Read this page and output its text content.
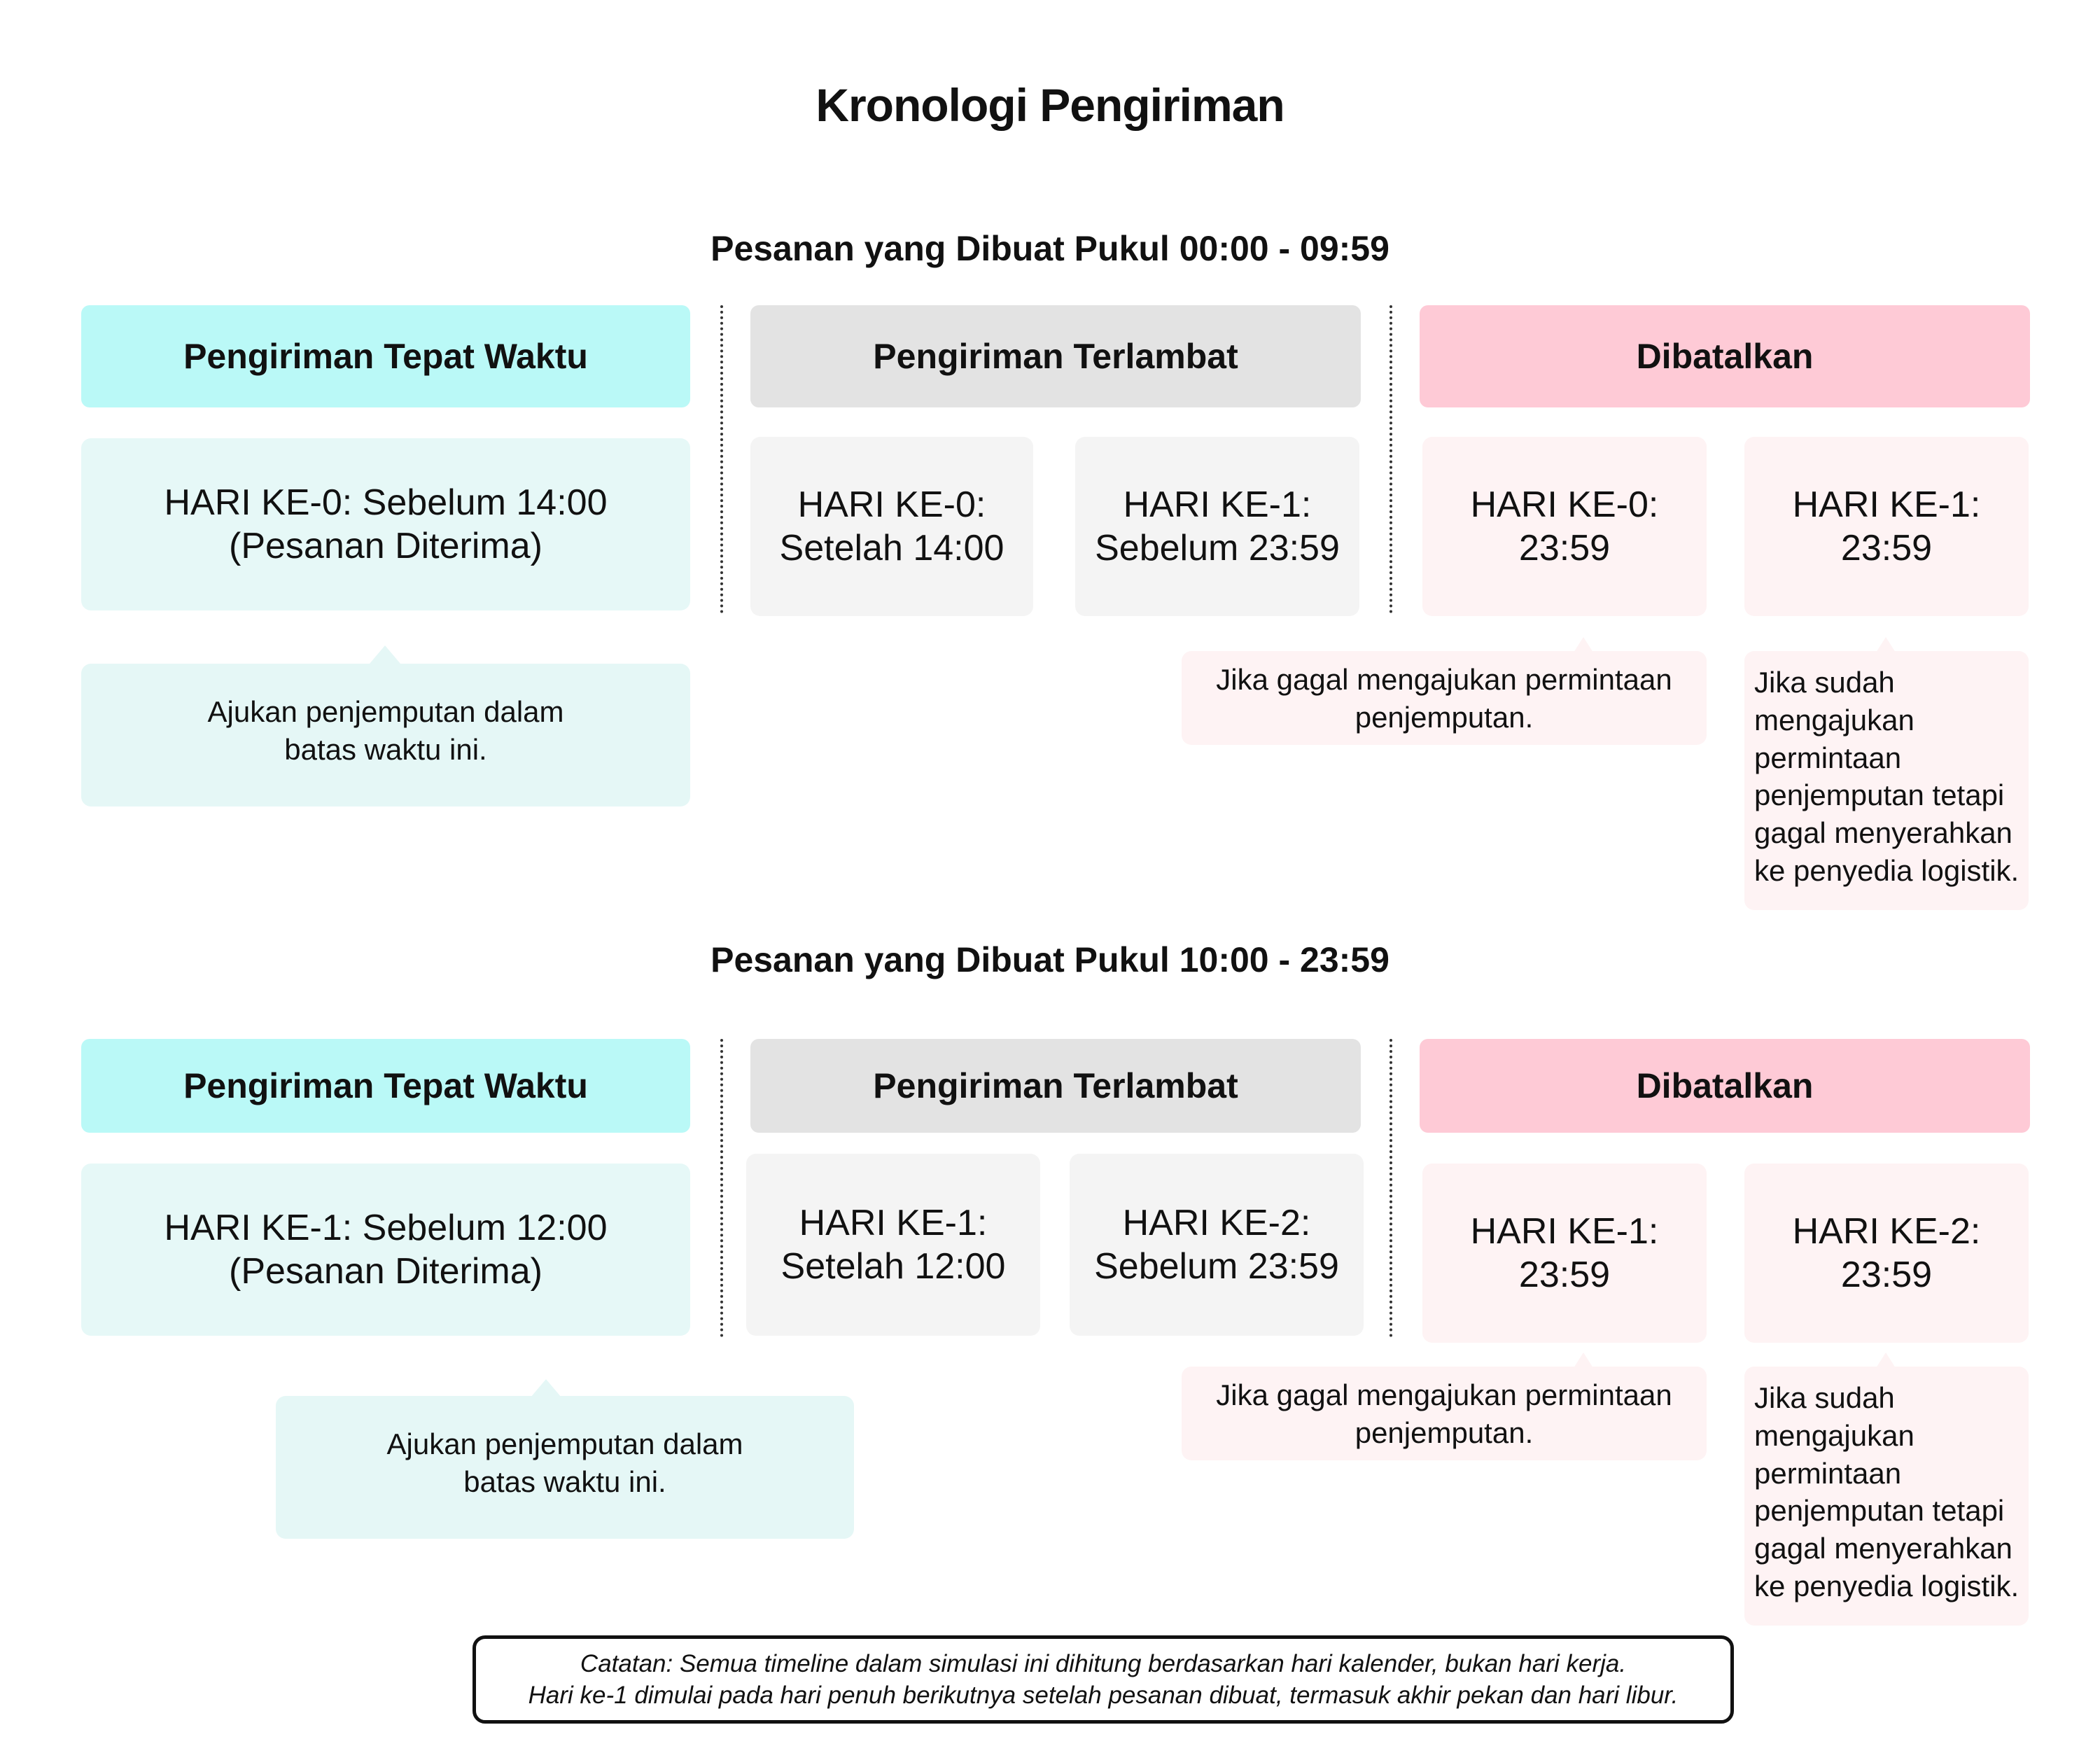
Kronologi Pengiriman
Pesanan yang Dibuat Pukul 00:00 - 09:59
Pengiriman Tepat Waktu	Pengiriman Terlambat	Dibatalkan
HARI KE-0: Sebelum 14:00
(Pesanan Diterima)
HARI KE-0:
Setelah 14:00
HARI KE-1:
Sebelum 23:59
HARI KE-0:
23:59
HARI KE-1:
23:59
Ajukan penjemputan dalam
batas waktu ini.
Jika gagal mengajukan permintaan
penjemputan.
Jika sudah
mengajukan
permintaan
penjemputan tetapi
gagal menyerahkan
ke penyedia logistik.
Pesanan yang Dibuat Pukul 10:00 - 23:59
Pengiriman Tepat Waktu	Pengiriman Terlambat	Dibatalkan
HARI KE-1: Sebelum 12:00
(Pesanan Diterima)
HARI KE-1:
Setelah 12:00
HARI KE-2:
Sebelum 23:59
HARI KE-1:
23:59
HARI KE-2:
23:59
Ajukan penjemputan dalam
batas waktu ini.
Jika gagal mengajukan permintaan
penjemputan.
Jika sudah
mengajukan
permintaan
penjemputan tetapi
gagal menyerahkan
ke penyedia logistik.
Catatan: Semua timeline dalam simulasi ini dihitung berdasarkan hari kalender, bukan hari kerja.
Hari ke-1 dimulai pada hari penuh berikutnya setelah pesanan dibuat, termasuk akhir pekan dan hari libur.
